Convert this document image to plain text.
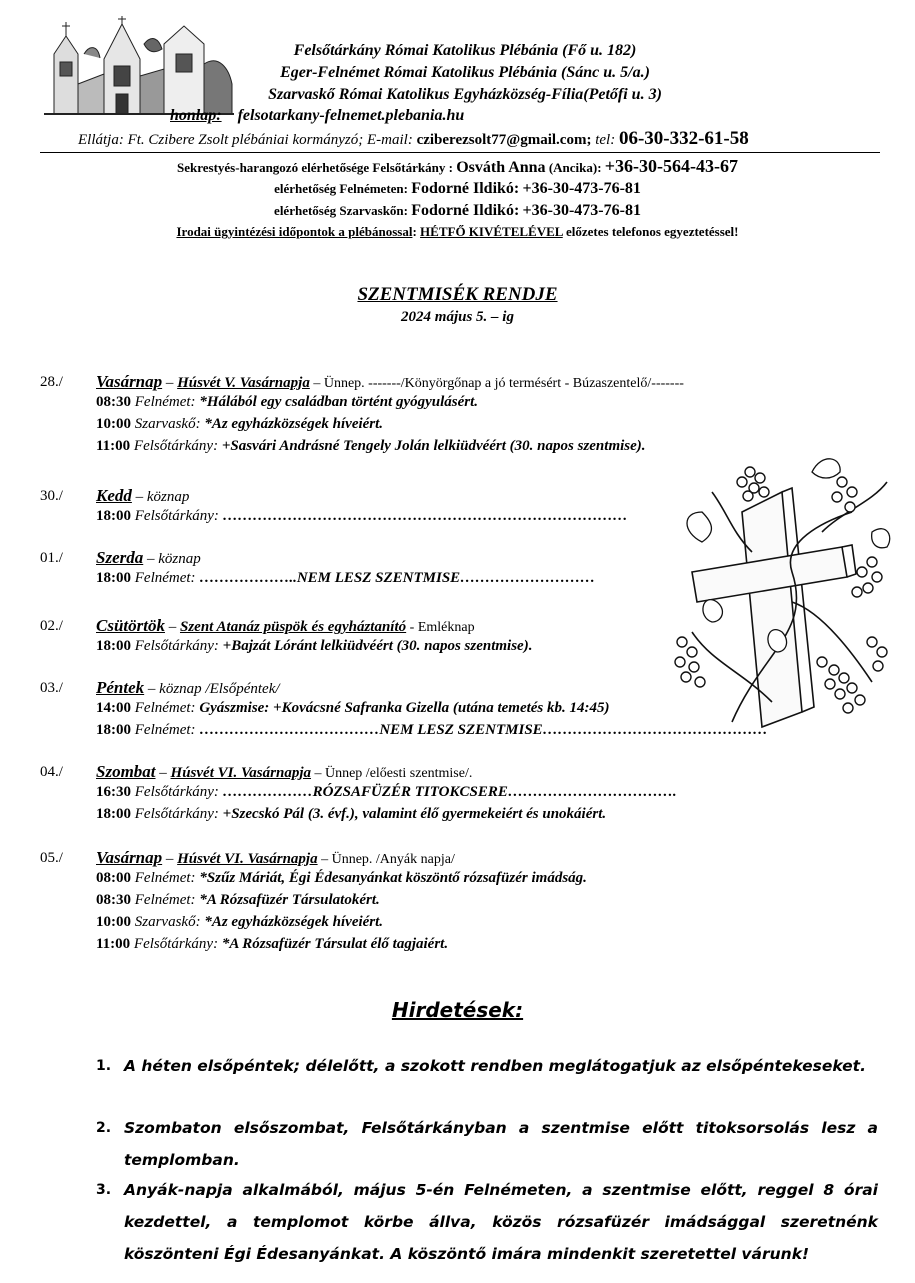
Felsőtárkány Római Katolikus Plébánia (Fő u. 182)
Eger-Felnémet Római Katolikus Plébánia (Sánc u. 5/a.)
Szarvaskő Római Katolikus Egyházközség-Fília(Petőfi u. 3)
honlap: felsotarkany-felnemet.plebania.hu
Ellátja: Ft. Czibere Zsolt plébániai kormányzó; E-mail: cziberezsolt77@gmail.com; tel: 06-30-332-61-58
Sekrestyés-harangozó elérhetősége Felsőtárkány : Osváth Anna (Ancika): +36-30-564-43-67
elérhetőség Felnémeten: Fodorné Ildikó: +36-30-473-76-81
elérhetőség Szarvaskőn: Fodorné Ildikó: +36-30-473-76-81
Irodai ügyintézési időpontok a plébánossal: HÉTFŐ KIVÉTELÉVEL előzetes telefonos egyeztetéssel!
SZENTMISÉK RENDJE
2024 május 5. – ig
28./ Vasárnap – Húsvét V. Vasárnapja – Ünnep. -------/Könyörgőnap a jó termésért - Búzaszentelő/-------
08:30 Felnémet: *Hálából egy családban történt gyógyulásért.
10:00 Szarvaskő: *Az egyházközségek híveiért.
11:00 Felsőtárkány: +Sasvári Andrásné Tengely Jolán lelkiüdvéért (30. napos szentmise).
30./ Kedd – köznap
18:00 Felsőtárkány: ………………………………………………………………………
01./ Szerda – köznap
18:00 Felnémet: ………………..NEM LESZ SZENTMISE………………………
02./ Csütörtök – Szent Atanáz püspök és egyháztanító - Emléknap
18:00 Felsőtárkány: +Bajzát Lóránt lelkiüdvéért (30. napos szentmise).
03./ Péntek – köznap /Elsőpéntek/
14:00 Felnémet: Gyászmise: +Kovácsné Safranka Gizella (utána temetés kb. 14:45)
18:00 Felnémet: ………………………………NEM LESZ SZENTMISE………………………………………
04./ Szombat – Húsvét VI. Vasárnapja – Ünnep /előesti szentmise/.
16:30 Felsőtárkány: ………………RÓZSAFÜZÉR TITOKCSERE…………………………….
18:00 Felsőtárkány: +Szecskó Pál (3. évf.), valamint élő gyermekeiért és unokáiért.
05./ Vasárnap – Húsvét VI. Vasárnapja – Ünnep. /Anyák napja/
08:00 Felnémet: *Szűz Máriát, Égi Édesanyánkat köszöntő rózsafüzér imádság.
08:30 Felnémet: *A Rózsafüzér Társulatokért.
10:00 Szarvaskő: *Az egyházközségek híveiért.
11:00 Felsőtárkány: *A Rózsafüzér Társulat élő tagjaiért.
Hirdetések:
1. A héten elsőpéntek; délelőtt, a szokott rendben meglátogatjuk az elsőpéntekeseket.
2. Szombaton elsőszombat, Felsőtárkányban a szentmise előtt titoksorsolás lesz a templomban.
3. Anyák-napja alkalmából, május 5-én Felnémeten, a szentmise előtt, reggel 8 órai kezdettel, a templomot körbe állva, közös rózsafüzér imádsággal szeretnénk köszönteni Égi Édesanyánkat. A köszöntő imára mindenkit szeretettel várunk!
